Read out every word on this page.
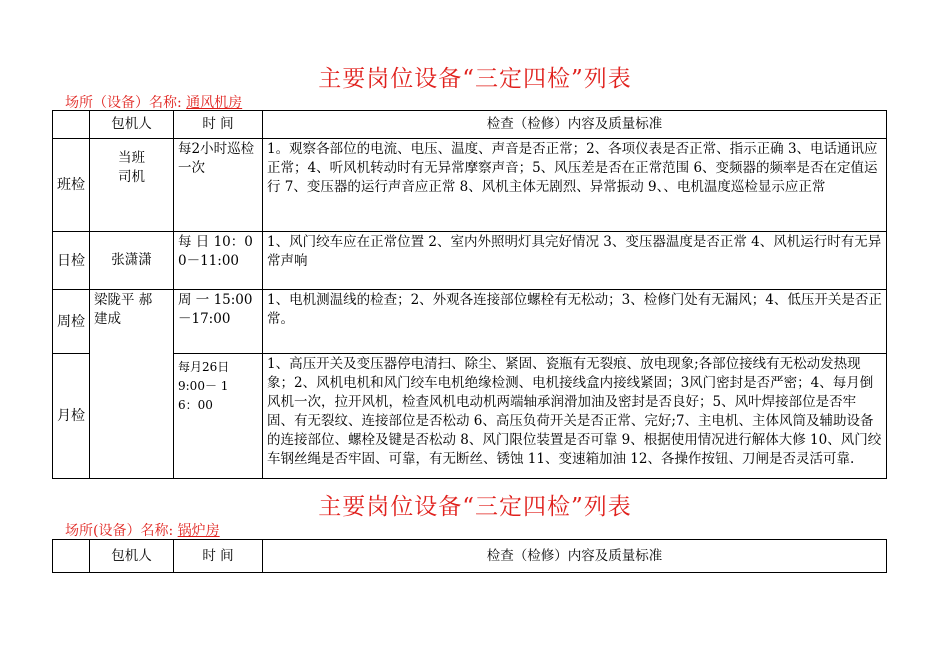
主要岗位设备“三定四检”列表
场所（设备）名称: 通风机房
	包机人	时 间	检查（检修）内容及质量标准
班检	当班司机	每2小时巡检一次	1。观察各部位的电流、电压、温度、声音是否正常；2、各项仪表是否正常、指示正确 3、电话通讯应正常；4、听风机转动时有无异常摩察声音；5、风压差是否在正常范围 6、变频器的频率是否在定值运行 7、变压器的运行声音应正常 8、风机主体无剧烈、异常振动 9、、电机温度巡检显示应正常
日检	张潇潇	每 日 10：00－11:00	1、风门绞车应在正常位置 2、室内外照明灯具完好情况 3、变压器温度是否正常 4、风机运行时有无异常声响
周检	梁陇平 郝建成	周 一 15:00－17:00	1、电机测温线的检查；2、外观各连接部位螺栓有无松动；3、检修门处有无漏风；4、低压开关是否正常。
月检		每月26日 9:00－ 16：00	1、高压开关及变压器停电清扫、除尘、紧固、瓷瓶有无裂痕、放电现象;各部位接线有无松动发热现象；2、风机电机和风门绞车电机绝缘检测、电机接线盒内接线紧固；3风门密封是否严密；4、每月倒风机一次，拉开风机，检查风机电动机两端轴承润滑加油及密封是否良好；5、风叶焊接部位是否牢固、有无裂纹、连接部位是否松动 6、高压负荷开关是否正常、完好;7、主电机、主体风筒及辅助设备的连接部位、螺栓及键是否松动 8、风门限位装置是否可靠 9、根据使用情况进行解体大修 10、风门绞车钢丝绳是否牢固、可靠，有无断丝、锈蚀 11、变速箱加油 12、各操作按钮、刀闸是否灵活可靠.
主要岗位设备“三定四检”列表
场所(设备）名称: 锅炉房
	包机人	时 间	检查（检修）内容及质量标准
